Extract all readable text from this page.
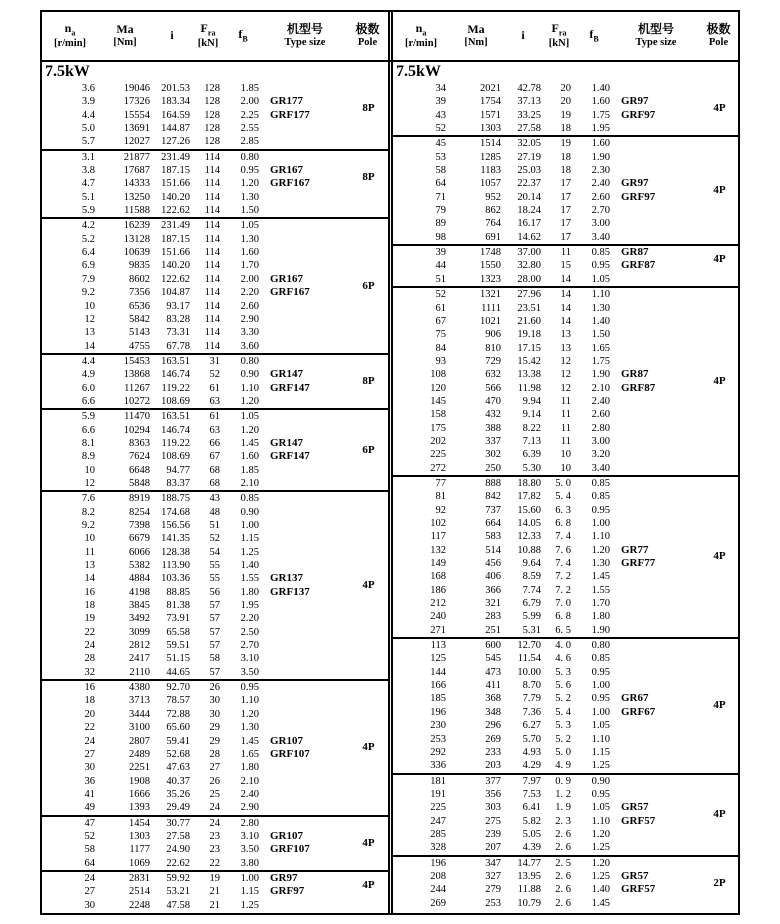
$n_a$
[r/min]
Ma
[Nm]
i	$F_{ra}$
[kN]
$f_B$
机型号
Type size
极数
Pole
$n_a$
[r/min]
Ma
[Nm]
i	$F_{ra}$
[kN]
$f_B$
机型号
Type size
极数
Pole
7.5kW
3.6	19046	201.53	128	1.85
3.9	17326	183.34	128	2.00
4.4	15554	164.59	128	2.25
5.0	13691	144.87	128	2.55
5.7	12027	127.26	128	2.85
GR177
GRF177
8P
3.1	21877	231.49	114	0.80
3.8	17687	187.15	114	0.95
4.7	14333	151.66	114	1.20
5.1	13250	140.20	114	1.30
5.9	11588	122.62	114	1.50
GR167
GRF167
8P
4.2	16239	231.49	114	1.05
5.2	13128	187.15	114	1.30
6.4	10639	151.66	114	1.60
6.9	9835	140.20	114	1.70
7.9	8602	122.62	114	2.00
9.2	7356	104.87	114	2.20
10	6536	93.17	114	2.60
12	5842	83.28	114	2.90
13	5143	73.31	114	3.30
14	4755	67.78	114	3.60
GR167
GRF167
6P
4.4	15453	163.51	31	0.80
4.9	13868	146.74	52	0.90
6.0	11267	119.22	61	1.10
6.6	10272	108.69	63	1.20
GR147
GRF147
8P
5.9	11470	163.51	61	1.05
6.6	10294	146.74	63	1.20
8.1	8363	119.22	66	1.45
8.9	7624	108.69	67	1.60
10	6648	94.77	68	1.85
12	5848	83.37	68	2.10
GR147
GRF147
6P
7.6	8919	188.75	43	0.85
8.2	8254	174.68	48	0.90
9.2	7398	156.56	51	1.00
10	6679	141.35	52	1.15
11	6066	128.38	54	1.25
13	5382	113.90	55	1.40
14	4884	103.36	55	1.55
16	4198	88.85	56	1.80
18	3845	81.38	57	1.95
19	3492	73.91	57	2.20
22	3099	65.58	57	2.50
24	2812	59.51	57	2.70
28	2417	51.15	58	3.10
32	2110	44.65	57	3.50
GR137
GRF137
4P
16	4380	92.70	26	0.95
18	3713	78.57	30	1.10
20	3444	72.88	30	1.20
22	3100	65.60	29	1.30
24	2807	59.41	29	1.45
27	2489	52.68	28	1.65
30	2251	47.63	27	1.80
36	1908	40.37	26	2.10
41	1666	35.26	25	2.40
49	1393	29.49	24	2.90
GR107
GRF107
4P
47	1454	30.77	24	2.80
52	1303	27.58	23	3.10
58	1177	24.90	23	3.50
64	1069	22.62	22	3.80
GR107
GRF107
4P
24	2831	59.92	19	1.00
27	2514	53.21	21	1.15
30	2248	47.58	21	1.25
GR97
GRF97
4P
7.5kW
34	2021	42.78	20	1.40
39	1754	37.13	20	1.60
43	1571	33.25	19	1.75
52	1303	27.58	18	1.95
GR97
GRF97
4P
45	1514	32.05	19	1.60
53	1285	27.19	18	1.90
58	1183	25.03	18	2.30
64	1057	22.37	17	2.40
71	952	20.14	17	2.60
79	862	18.24	17	2.70
89	764	16.17	17	3.00
98	691	14.62	17	3.40
GR97
GRF97
4P
39	1748	37.00	11	0.85
44	1550	32.80	15	0.95
51	1323	28.00	14	1.05
GR87
GRF87
4P
52	1321	27.96	14	1.10
61	1111	23.51	14	1.30
67	1021	21.60	14	1.40
75	906	19.18	13	1.50
84	810	17.15	13	1.65
93	729	15.42	12	1.75
108	632	13.38	12	1.90
120	566	11.98	12	2.10
145	470	9.94	11	2.40
158	432	9.14	11	2.60
175	388	8.22	11	2.80
202	337	7.13	11	3.00
225	302	6.39	10	3.20
272	250	5.30	10	3.40
GR87
GRF87
4P
77	888	18.80	5. 0	0.85
81	842	17.82	5. 4	0.85
92	737	15.60	6. 3	0.95
102	664	14.05	6. 8	1.00
117	583	12.33	7. 4	1.10
132	514	10.88	7. 6	1.20
149	456	9.64	7. 4	1.30
168	406	8.59	7. 2	1.45
186	366	7.74	7. 2	1.55
212	321	6.79	7. 0	1.70
240	283	5.99	6. 8	1.80
271	251	5.31	6. 5	1.90
GR77
GRF77
4P
113	600	12.70	4. 0	0.80
125	545	11.54	4. 6	0.85
144	473	10.00	5. 3	0.95
166	411	8.70	5. 6	1.00
185	368	7.79	5. 2	0.95
196	348	7.36	5. 4	1.00
230	296	6.27	5. 3	1.05
253	269	5.70	5. 2	1.10
292	233	4.93	5. 0	1.15
336	203	4.29	4. 9	1.25
GR67
GRF67
4P
181	377	7.97	0. 9	0.90
191	356	7.53	1. 2	0.95
225	303	6.41	1. 9	1.05
247	275	5.82	2. 3	1.10
285	239	5.05	2. 6	1.20
328	207	4.39	2. 6	1.25
GR57
GRF57
4P
196	347	14.77	2. 5	1.20
208	327	13.95	2. 6	1.25
244	279	11.88	2. 6	1.40
269	253	10.79	2. 6	1.45
GR57
GRF57
2P
